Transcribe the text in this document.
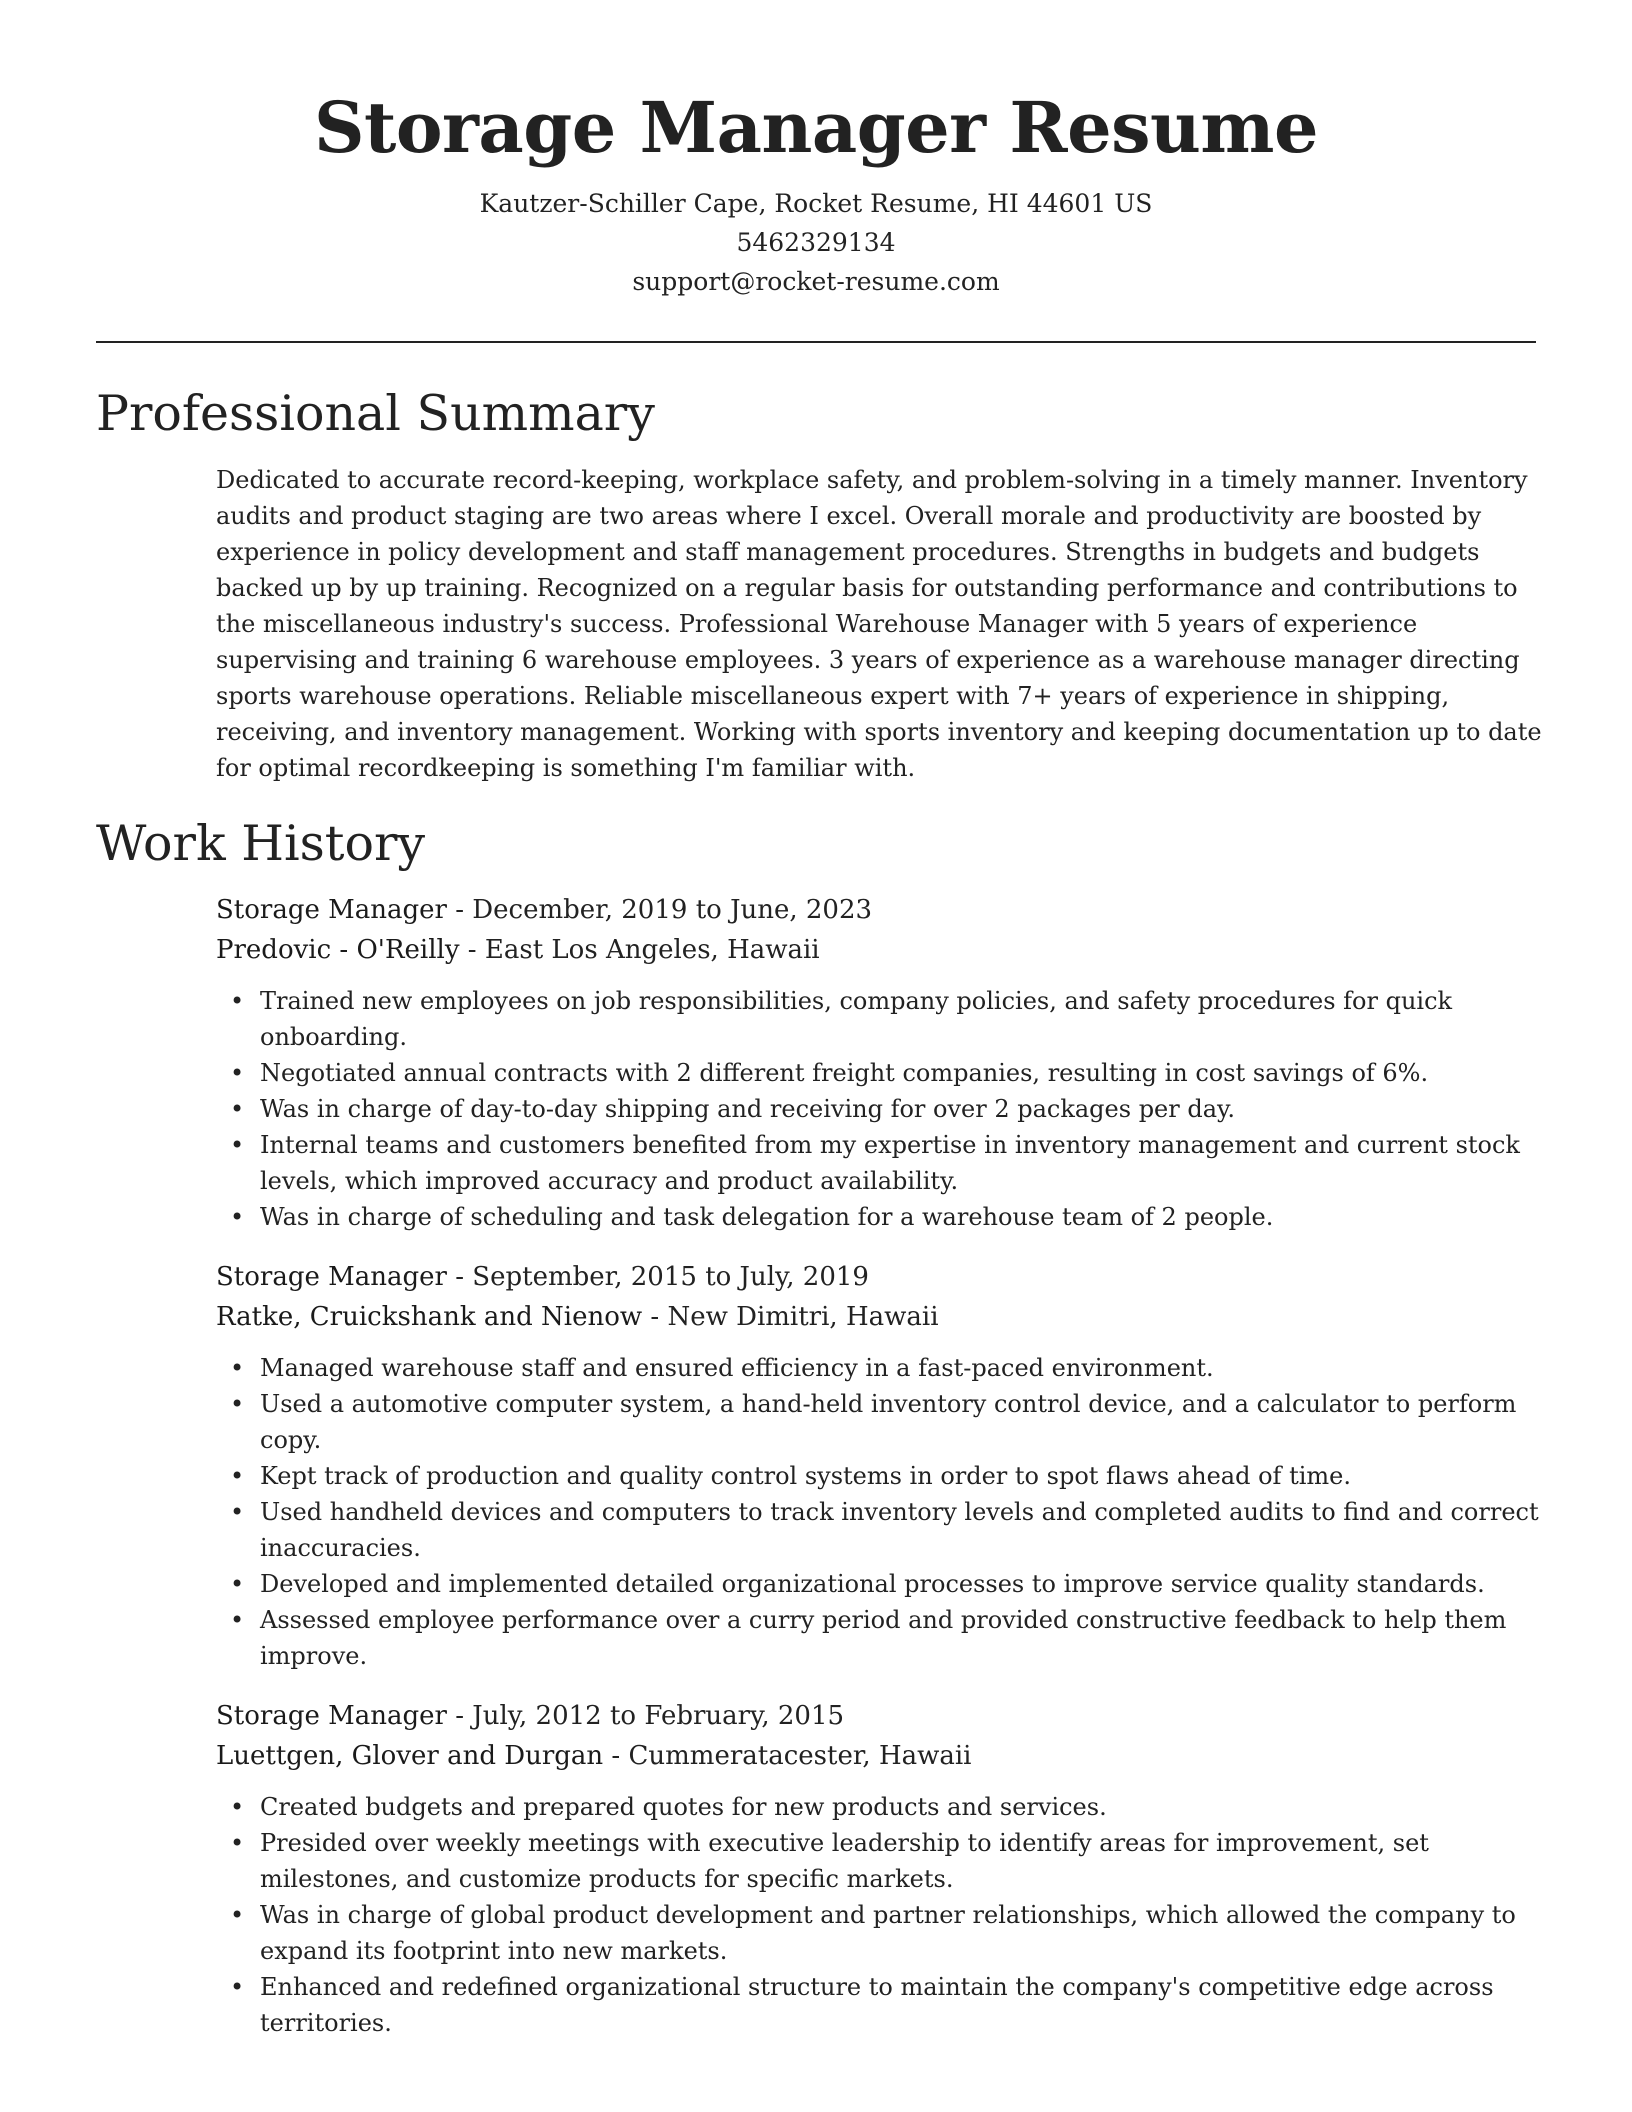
Storage Manager Resume
Kautzer-Schiller Cape, Rocket Resume, HI 44601 US
5462329134
support@rocket-resume.com
Professional Summary

Dedicated to accurate record-keeping, workplace safety, and problem-solving in a timely manner. Inventory audits and product staging are two areas where I excel. Overall morale and productivity are boosted by experience in policy development and staff management procedures. Strengths in budgets and budgets backed up by up training. Recognized on a regular basis for outstanding performance and contributions to the miscellaneous industry's success. Professional Warehouse Manager with 5 years of experience supervising and training 6 warehouse employees. 3 years of experience as a warehouse manager directing sports warehouse operations. Reliable miscellaneous expert with 7+ years of experience in shipping, receiving, and inventory management. Working with sports inventory and keeping documentation up to date for optimal recordkeeping is something I'm familiar with.

Work History
Storage Manager - December, 2019 to June, 2023
Predovic - O'Reilly - East Los Angeles, Hawaii
• Trained new employees on job responsibilities, company policies, and safety procedures for quick onboarding.
• Negotiated annual contracts with 2 different freight companies, resulting in cost savings of 6%.
• Was in charge of day-to-day shipping and receiving for over 2 packages per day.
• Internal teams and customers benefited from my expertise in inventory management and current stock levels, which improved accuracy and product availability.
• Was in charge of scheduling and task delegation for a warehouse team of 2 people.
Storage Manager - September, 2015 to July, 2019
Ratke, Cruickshank and Nienow - New Dimitri, Hawaii
• Managed warehouse staff and ensured efficiency in a fast-paced environment.
• Used a automotive computer system, a hand-held inventory control device, and a calculator to perform copy.
• Kept track of production and quality control systems in order to spot flaws ahead of time.
• Used handheld devices and computers to track inventory levels and completed audits to find and correct inaccuracies.
• Developed and implemented detailed organizational processes to improve service quality standards.
• Assessed employee performance over a curry period and provided constructive feedback to help them improve.
Storage Manager - July, 2012 to February, 2015
Luettgen, Glover and Durgan - Cummeratacester, Hawaii
• Created budgets and prepared quotes for new products and services.
• Presided over weekly meetings with executive leadership to identify areas for improvement, set milestones, and customize products for specific markets.
• Was in charge of global product development and partner relationships, which allowed the company to expand its footprint into new markets.
• Enhanced and redefined organizational structure to maintain the company's competitive edge across territories.
